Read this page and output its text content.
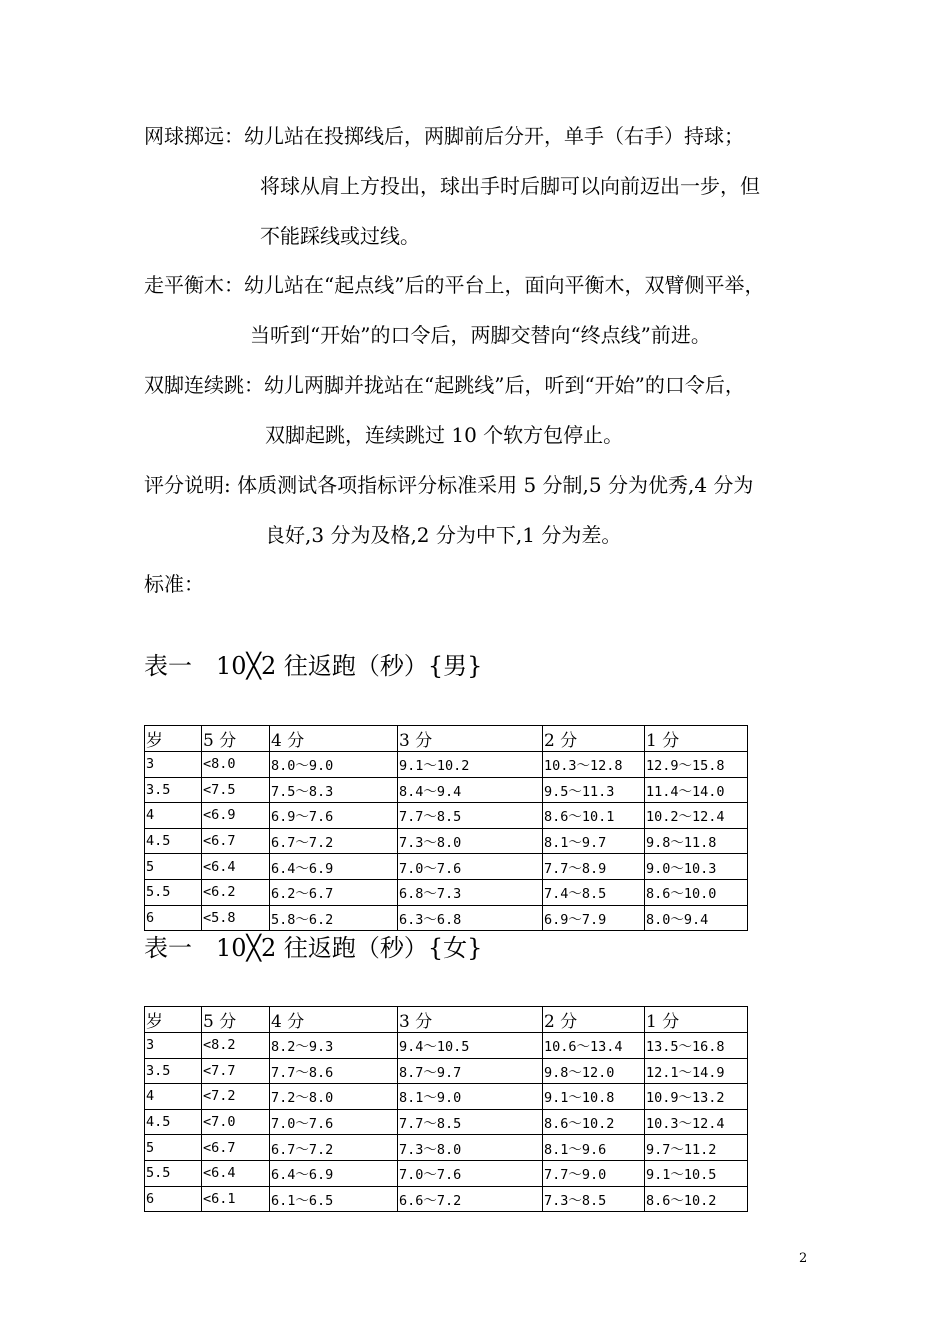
网球掷远：幼儿站在投掷线后，两脚前后分开，单手（右手）持球；
将球从肩上方投出，球出手时后脚可以向前迈出一步，但
不能踩线或过线。
走平衡木：幼儿站在“起点线”后的平台上，面向平衡木，双臂侧平举，
当听到“开始”的口令后，两脚交替向“终点线”前进。
双脚连续跳：幼儿两脚并拢站在“起跳线”后，听到“开始”的口令后，
双脚起跳，连续跳过 10 个软方包停止。
评分说明: 体质测试各项指标评分标准采用 5 分制,5 分为优秀,4 分为
良好,3 分为及格,2 分为中下,1 分为差。
标准：
表一　10╳2 往返跑（秒）{男}
岁	5 分	4 分	3 分	2 分	1 分
3	<8.0	8.0～9.0	9.1～10.2	10.3～12.8	12.9～15.8
3.5	<7.5	7.5～8.3	8.4～9.4	9.5～11.3	11.4～14.0
4	<6.9	6.9～7.6	7.7～8.5	8.6～10.1	10.2～12.4
4.5	<6.7	6.7～7.2	7.3～8.0	8.1～9.7	9.8～11.8
5	<6.4	6.4～6.9	7.0～7.6	7.7～8.9	9.0～10.3
5.5	<6.2	6.2～6.7	6.8～7.3	7.4～8.5	8.6～10.0
6	<5.8	5.8～6.2	6.3～6.8	6.9～7.9	8.0～9.4
表一　10╳2 往返跑（秒）{女}
岁	5 分	4 分	3 分	2 分	1 分
3	<8.2	8.2～9.3	9.4～10.5	10.6～13.4	13.5～16.8
3.5	<7.7	7.7～8.6	8.7～9.7	9.8～12.0	12.1～14.9
4	<7.2	7.2～8.0	8.1～9.0	9.1～10.8	10.9～13.2
4.5	<7.0	7.0～7.6	7.7～8.5	8.6～10.2	10.3～12.4
5	<6.7	6.7～7.2	7.3～8.0	8.1～9.6	9.7～11.2
5.5	<6.4	6.4～6.9	7.0～7.6	7.7～9.0	9.1～10.5
6	<6.1	6.1～6.5	6.6～7.2	7.3～8.5	8.6～10.2
2
